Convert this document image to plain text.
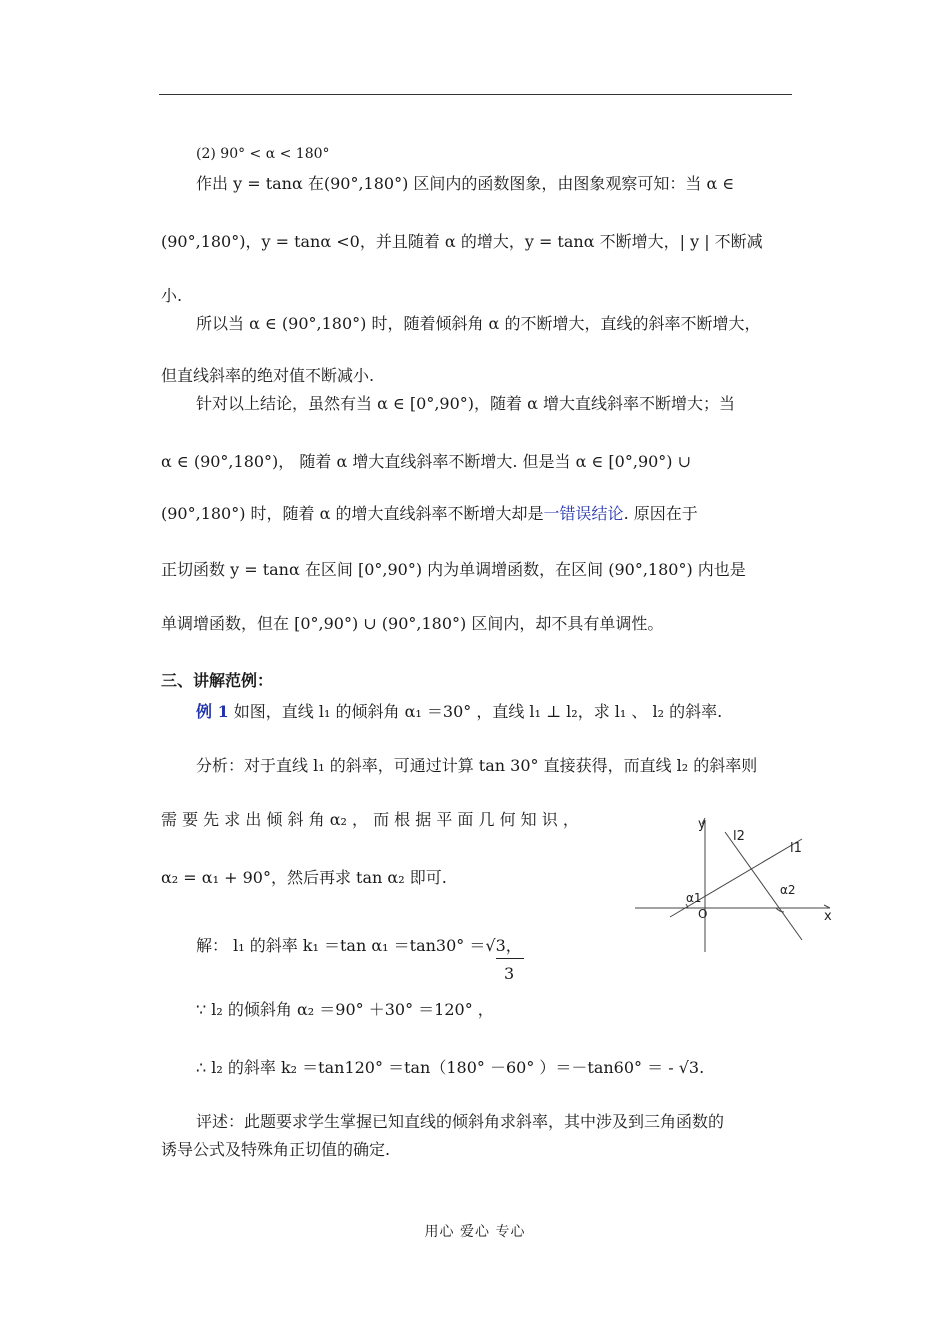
(2) 90° < α < 180°
作出 y = tanα 在(90°,180°) 区间内的函数图象，由图象观察可知：当 α ∈
(90°,180°)，y = tanα <0，并且随着 α 的增大，y = tanα 不断增大，| y | 不断减
小.
所以当 α ∈ (90°,180°) 时，随着倾斜角 α 的不断增大，直线的斜率不断增大，
但直线斜率的绝对值不断减小.
针对以上结论，虽然有当 α ∈ [0°,90°)，随着 α 增大直线斜率不断增大；当
α ∈ (90°,180°)， 随着 α 增大直线斜率不断增大. 但是当 α ∈ [0°,90°) ∪
(90°,180°) 时，随着 α 的增大直线斜率不断增大却是一错误结论. 原因在于
正切函数 y = tanα 在区间 [0°,90°) 内为单调增函数，在区间 (90°,180°) 内也是
单调增函数，但在 [0°,90°) ∪ (90°,180°) 区间内，却不具有单调性。
三、讲解范例：
例 1 如图，直线 l₁ 的倾斜角 α₁ ＝30° ，直线 l₁ ⊥ l₂，求 l₁ 、 l₂ 的斜率.
分析：对于直线 l₁ 的斜率，可通过计算 tan 30° 直接获得，而直线 l₂ 的斜率则
需 要 先 求 出 倾 斜 角 α₂ ， 而 根 据 平 面 几 何 知 识 ，
α₂ = α₁ + 90°，然后再求 tan α₂ 即可.
解： l₁ 的斜率 k₁ ＝tan α₁ ＝tan30° ＝√3，
3
∵ l₂ 的倾斜角 α₂ ＝90° ＋30° ＝120° ，
∴ l₂ 的斜率 k₂ ＝tan120° ＝tan（180° －60° ）＝－tan60° ＝ - √3.
评述：此题要求学生掌握已知直线的倾斜角求斜率，其中涉及到三角函数的
诱导公式及特殊角正切值的确定.
y
x
O
l1
l2
α1
α2
用心 爱心 专心
